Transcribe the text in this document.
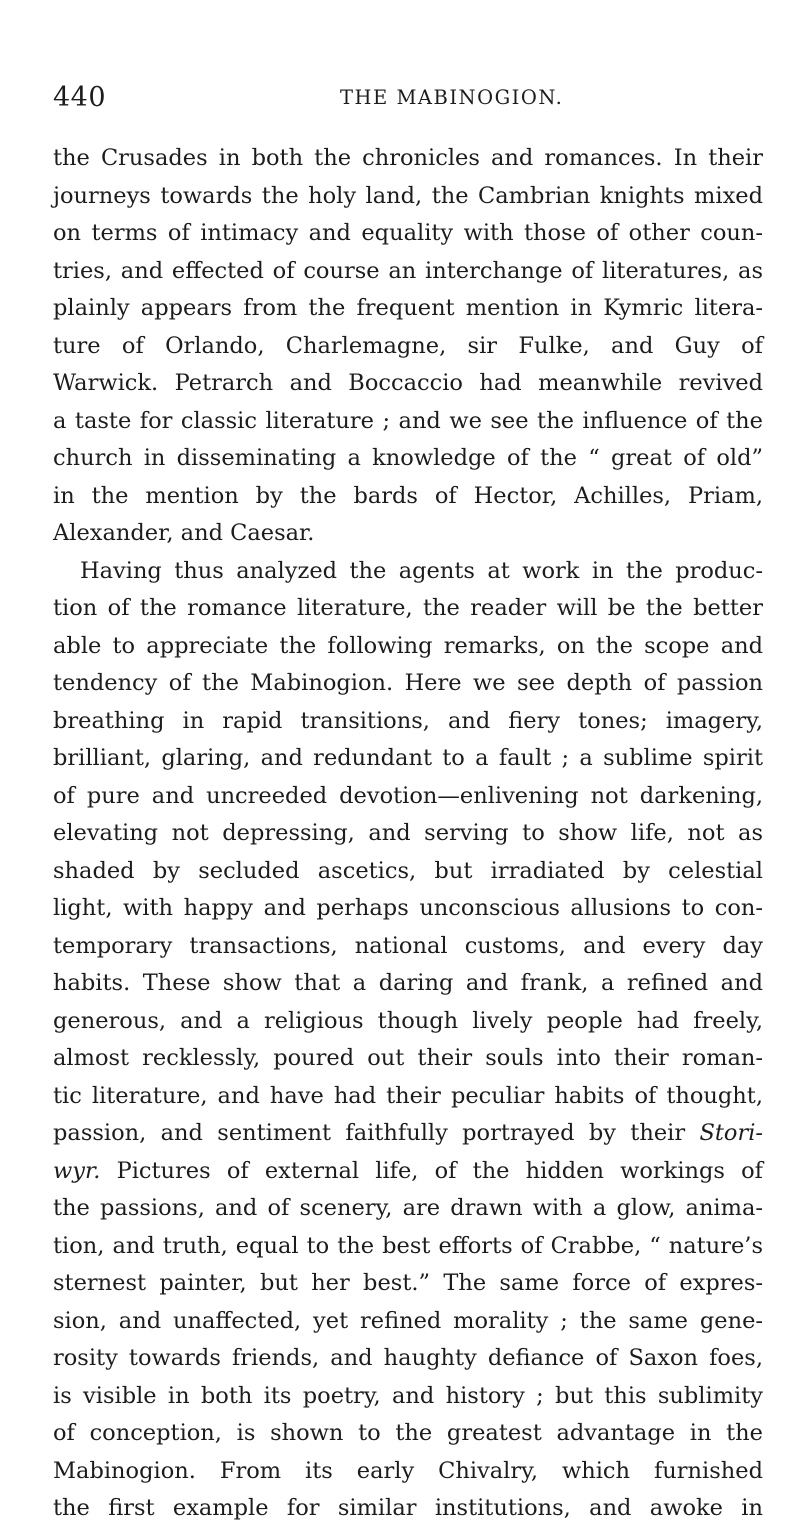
440	THE MABINOGION.
the Crusades in both the chronicles and romances. In their
journeys towards the holy land, the Cambrian knights mixed
on terms of intimacy and equality with those of other coun-
tries, and effected of course an interchange of literatures, as
plainly appears from the frequent mention in Kymric litera-
ture of Orlando, Charlemagne, sir Fulke, and Guy of
Warwick. Petrarch and Boccaccio had meanwhile revived
a taste for classic literature ; and we see the influence of the
church in disseminating a knowledge of the “ great of old”
in the mention by the bards of Hector, Achilles, Priam,
Alexander, and Caesar.
Having thus analyzed the agents at work in the produc-
tion of the romance literature, the reader will be the better
able to appreciate the following remarks, on the scope and
tendency of the Mabinogion. Here we see depth of passion
breathing in rapid transitions, and fiery tones; imagery,
brilliant, glaring, and redundant to a fault ; a sublime spirit
of pure and uncreeded devotion—enlivening not darkening,
elevating not depressing, and serving to show life, not as
shaded by secluded ascetics, but irradiated by celestial
light, with happy and perhaps unconscious allusions to con-
temporary transactions, national customs, and every day
habits. These show that a daring and frank, a refined and
generous, and a religious though lively people had freely,
almost recklessly, poured out their souls into their roman-
tic literature, and have had their peculiar habits of thought,
passion, and sentiment faithfully portrayed by their Stori-
wyr. Pictures of external life, of the hidden workings of
the passions, and of scenery, are drawn with a glow, anima-
tion, and truth, equal to the best efforts of Crabbe, “ nature’s
sternest painter, but her best.” The same force of expres-
sion, and unaffected, yet refined morality ; the same gene-
rosity towards friends, and haughty defiance of Saxon foes,
is visible in both its poetry, and history ; but this sublimity
of conception, is shown to the greatest advantage in the
Mabinogion. From its early Chivalry, which furnished
the first example for similar institutions, and awoke in
